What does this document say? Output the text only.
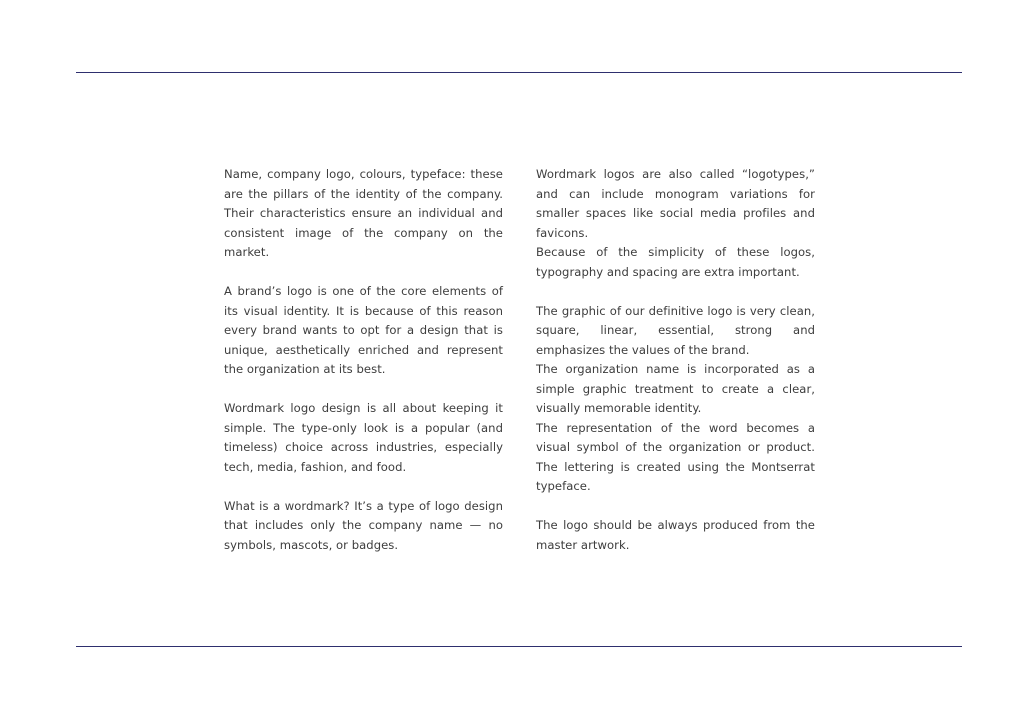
Name, company logo, colours, typeface: these are the pillars of the identity of the company. Their characteristics ensure an individual and consistent image of the company on the market.

A brand’s logo is one of the core elements of its visual identity. It is because of this reason every brand wants to opt for a design that is unique, aesthetically enriched and represent the organization at its best.

Wordmark logo design is all about keeping it simple. The type-only look is a popular (and timeless) choice across industries, especially tech, media, fashion, and food.

What is a wordmark? It’s a type of logo design that includes only the company name — no symbols, mascots, or badges.

Wordmark logos are also called “logotypes,” and can include monogram variations for smaller spaces like social media profiles and favicons.

Because of the simplicity of these logos, typography and spacing are extra important.

The graphic of our definitive logo is very clean, square, linear, essential, strong and emphasizes the values of the brand.

The organization name is incorporated as a simple graphic treatment to create a clear, visually memorable identity.

The representation of the word becomes a visual symbol of the organization or product. The lettering is created using the Montserrat typeface.

The logo should be always produced from the master artwork.
